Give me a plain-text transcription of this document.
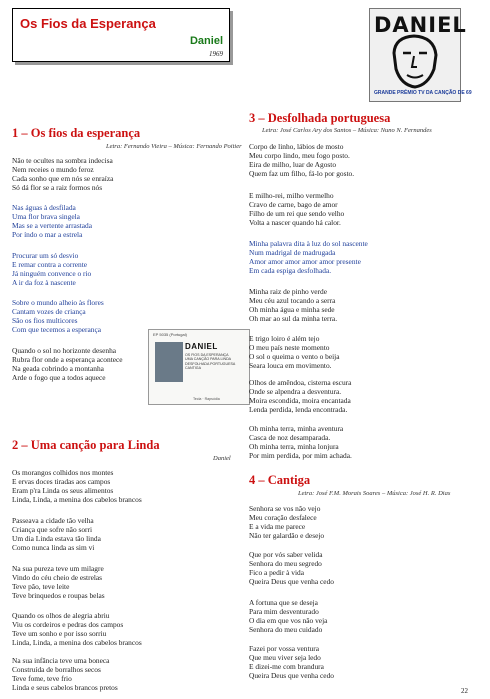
Os Fios da Esperança
Daniel
1969
DANIEL
GRANDE PRÉMIO TV DA CANÇÃO DE 69
EP 5035 (Portugal)
DANIEL
OS FIOS DA ESPERANÇA
UMA CANÇÃO PARA LINDA
DESFOLHADA PORTUGUESA
CANTIGA
Tecla · Rapsódia
1 – Os fios da esperança
Letra: Fernando Vieira – Música: Fernando Poitier
Não te ocultes na sombra indecisa
Nem receies o mundo feroz
Cada sonho que em nós se enraíza
Só dá flor se a raiz formos nós
Nas águas à desfilada
Uma flor brava singela
Mas se a vertente arrastada
Por índo o mar a estrela
Procurar um só desvio
E remar contra a corrente
Já ninguém convence o rio
A ir da foz à nascente
Sobre o mundo alheio às flores
Cantam vozes de criança
São os fios multicores
Com que tecemos a esperança
Quando o sol no horizonte desenha
Rubra flor onde a esperança acontece
Na geada cobrindo a montanha
Arde o fogo que a todos aquece
2 – Uma canção para Linda
Daniel
Os morangos colhidos nos montes
E ervas doces tiradas aos campos
Eram p'ra Linda os seus alimentos
Linda, Linda, a menina dos cabelos brancos
Passeava a cidade tão velha
Criança que sofre não sorri
Um dia Linda estava tão linda
Como nunca linda as sim vi
Na sua pureza teve um milagre
Vindo do céu cheio de estrelas
Teve pão, teve leite
Teve brinquedos e roupas belas
Quando os olhos de alegria abriu
Viu os cordeiros e pedras dos campos
Teve um sonho e por isso sorriu
Linda, Linda, a menina dos cabelos brancos
Na sua infância teve uma boneca
Construída de borralhos secos
Teve fome, teve frio
Linda e seus cabelos brancos pretos
3 – Desfolhada portuguesa
Letra: José Carlos Ary dos Santos – Música: Nuno N. Fernandes
Corpo de linho, lábios de mosto
Meu corpo lindo, meu fogo posto.
Eira de milho, luar de Agosto
Quem faz um filho, fá-lo por gosto.
E milho-rei, milho vermelho
Cravo de carne, bago de amor
Filho de um rei que sendo velho
Volta a nascer quando há calor.
Minha palavra dita à luz do sol nascente
Num madrigal de madrugada
Amor amor amor amor amor presente
Em cada espiga desfolhada.
Minha raiz de pinho verde
Meu céu azul tocando a serra
Oh minha água e minha sede
Oh mar ao sul da minha terra.
E trigo loiro é além tejo
O meu país neste momento
O sol o queima o vento o beija
Seara louca em movimento.
Olhos de amêndoa, cisterna escura
Onde se alpendra a desventura.
Moira escondida, moira encantada
Lenda perdida, lenda encontrada.
Oh minha terra, minha aventura
Casca de noz desamparada.
Oh minha terra, minha lonjura
Por mim perdida, por mim achada.
4 – Cantiga
Letra: José F.M. Morais Soares – Música: José H. R. Dias
Senhora se vos não vejo
Meu coração desfalece
E a vida me parece
Não ter galardão e desejo
Que por vós saber velida
Senhora do meu segredo
Fico a pedir à vida
Queira Deus que venha cedo
A fortuna que se deseja
Para mim desventurado
O dia em que vos não veja
Senhora do meu cuidado
Fazei por vossa ventura
Que meu viver seja ledo
E dizei-me com brandura
Queira Deus que venha cedo
22
